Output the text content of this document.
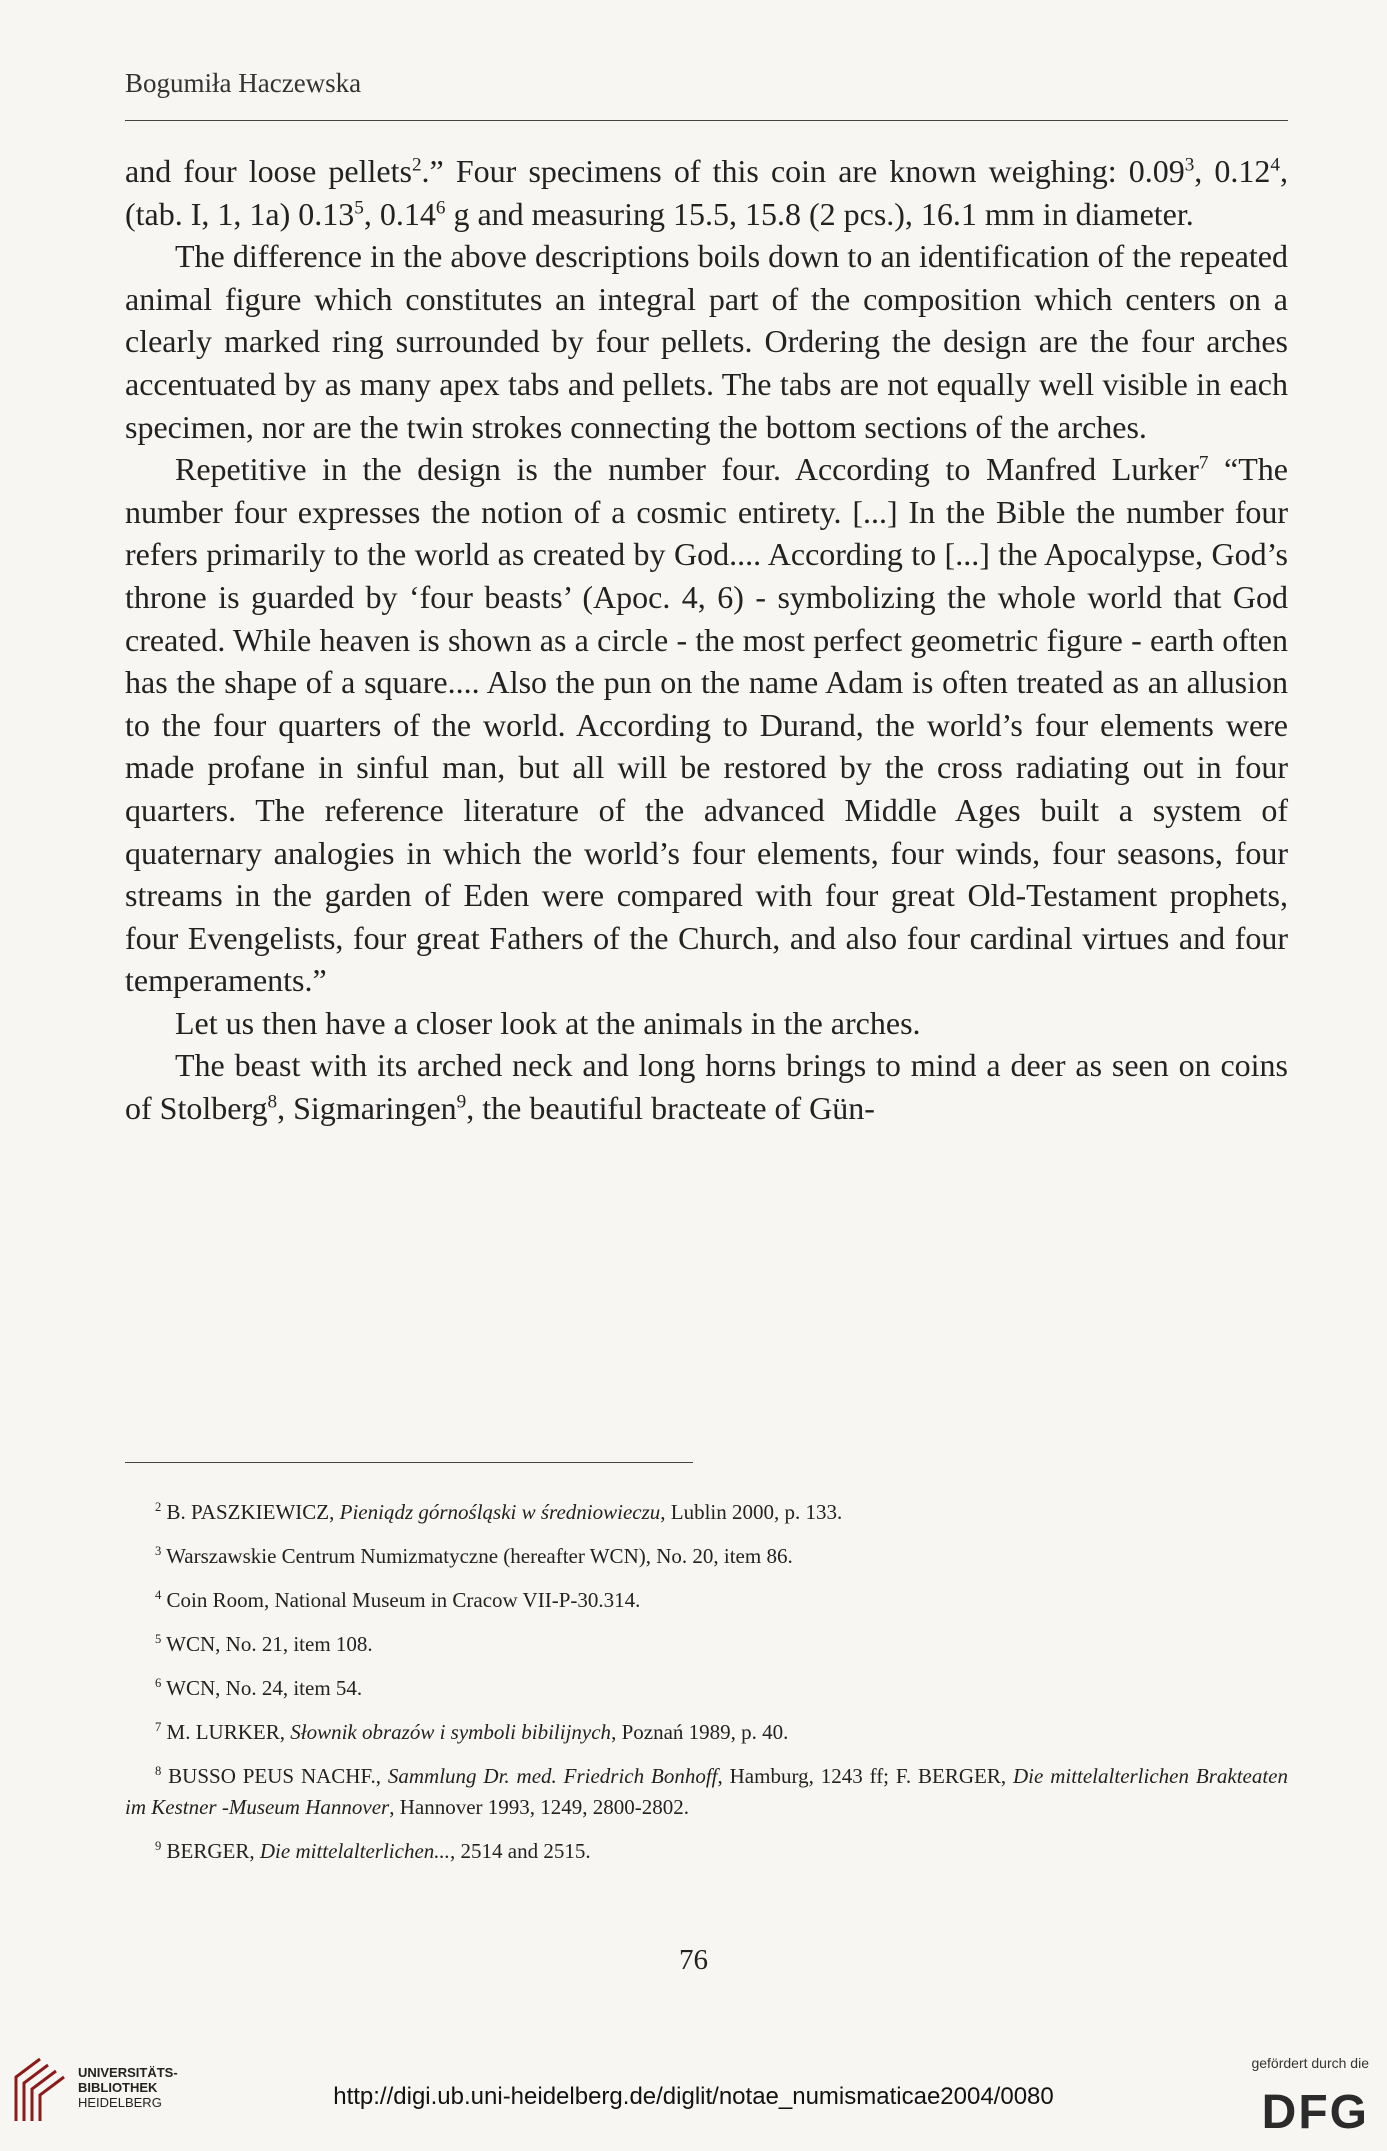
Bogumiła Haczewska

and four loose pellets$^2$.” Four specimens of this coin are known weighing: 0.09$^3$, 0.12$^4$, (tab. I, 1, 1a) 0.13$^5$, 0.14$^6$ g and measuring 15.5, 15.8 (2 pcs.), 16.1 mm in diameter.

The difference in the above descriptions boils down to an identification of the repeated animal figure which constitutes an integral part of the composition which centers on a clearly marked ring surrounded by four pellets. Ordering the design are the four arches accentuated by as many apex tabs and pellets. The tabs are not equally well visible in each specimen, nor are the twin strokes connecting the bottom sections of the arches.

Repetitive in the design is the number four. According to Manfred Lurker$^7$ “The number four expresses the notion of a cosmic entirety. [...] In the Bible the number four refers primarily to the world as created by God.... According to [...] the Apocalypse, God’s throne is guarded by ‘four beasts’ (Apoc. 4, 6) - symbolizing the whole world that God created. While heaven is shown as a circle - the most perfect geometric figure - earth often has the shape of a square.... Also the pun on the name Adam is often treated as an allusion to the four quarters of the world. According to Durand, the world’s four elements were made profane in sinful man, but all will be restored by the cross radiating out in four quarters. The reference literature of the advanced Middle Ages built a system of quaternary analogies in which the world’s four elements, four winds, four seasons, four streams in the garden of Eden were compared with four great Old-Testament prophets, four Evengelists, four great Fathers of the Church, and also four cardinal virtues and four temperaments.”

Let us then have a closer look at the animals in the arches.

The beast with its arched neck and long horns brings to mind a deer as seen on coins of Stolberg$^8$, Sigmaringen$^9$, the beautiful bracteate of Gün-

$^2$ B. PASZKIEWICZ, Pieniądz górnośląski w średniowieczu, Lublin 2000, p. 133.
$^3$ Warszawskie Centrum Numizmatyczne (hereafter WCN), No. 20, item 86.
$^4$ Coin Room, National Museum in Cracow VII-P-30.314.
$^5$ WCN, No. 21, item 108.
$^6$ WCN, No. 24, item 54.
$^7$ M. LURKER, Słownik obrazów i symboli bibilijnych, Poznań 1989, p. 40.
$^8$ BUSSO PEUS NACHF., Sammlung Dr. med. Friedrich Bonhoff, Hamburg, 1243 ff; F. BERGER, Die mittelalterlichen Brakteaten im Kestner -Museum Hannover, Hannover 1993, 1249, 2800-2802.
$^9$ BERGER, Die mittelalterlichen..., 2514 and 2515.
76
UNIVERSITÄTS-
BIBLIOTHEK
HEIDELBERG	http://digi.ub.uni-heidelberg.de/diglit/notae_numismaticae2004/0080
gefördert durch die
DFG
